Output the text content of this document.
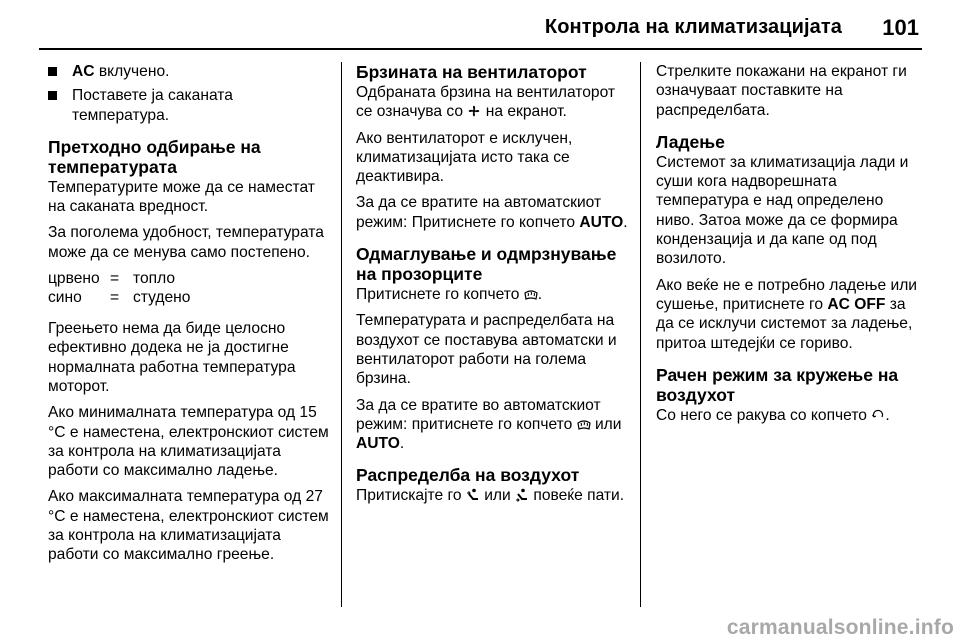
Контрола на климатизацијата 101
AC вклучено.
Поставете ја саканата температура.
Претходно одбирање на температурата

Температурите може да се наместат на саканата вредност.

За поголема удобност, температурата може да се менува само постепено.

црвено = топло
сино	= студено

Греењето нема да биде целосно ефективно додека не ја достигне нормалната работна температура моторот.

Ако минималната температура од 15 °C е наместена, електронскиот систем за контрола на климатизацијата работи со максимално ладење.

Ако максималната температура од 27 °C е наместена, електронскиот систем за контрола на климатизацијата работи со максимално греење.

Брзината на вентилаторот

Одбраната брзина на вентилаторот се означува со  на екранот.

Ако вентилаторот е исклучен, климатизацијата исто така се деактивира.

За да се вратите на автоматскиот режим: Притиснете го копчето AUTO.

Одмаглување и одмрзнување на прозорците

Притиснете го копчето .

Температурата и распределбата на воздухот се поставува автоматски и вентилаторот работи на голема брзина.

За да се вратите во автоматскиот режим: притиснете го копчето  или AUTO.

Распределба на воздухот

Притискајте го  или  повеќе пати.

Стрелките покажани на екранот ги означуваат поставките на распределбата.

Ладење

Системот за климатизација лади и суши кога надворешната температура е над определено ниво. Затоа може да се формира кондензација и да капе од под возилото.

Ако веќе не е потребно ладење или сушење, притиснете го AC OFF за да се исклучи системот за ладење, притоа штедејќи се гориво.

Рачен режим за кружење на воздухот

Со него се ракува со копчето .

carmanualsonline.info
